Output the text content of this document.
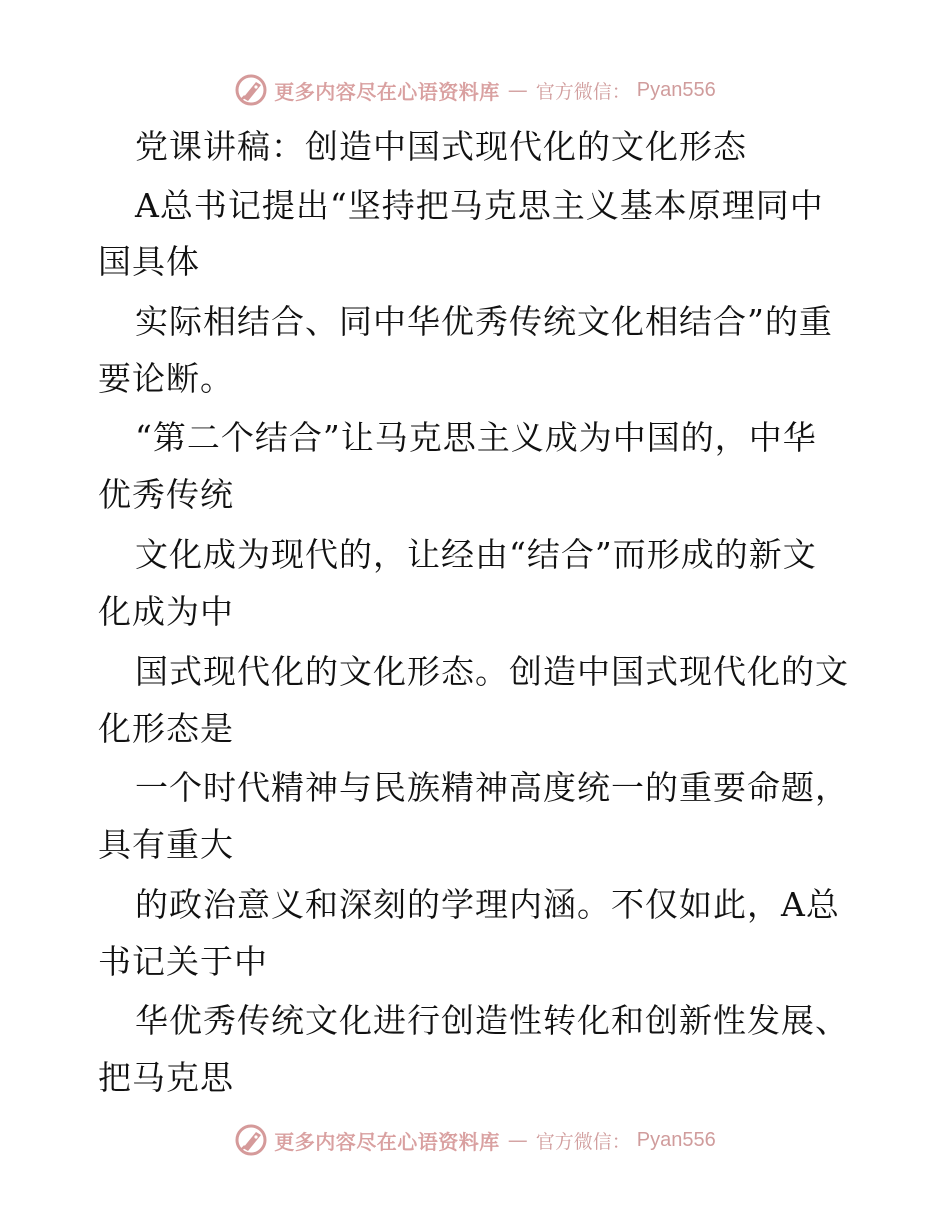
更多内容尽在心语资料库 — 官方微信： Pyan556
党课讲稿：创造中国式现代化的文化形态
A总书记提出“坚持把马克思主义基本原理同中
国具体
实际相结合、同中华优秀传统文化相结合”的重
要论断。
“第二个结合”让马克思主义成为中国的，中华
优秀传统
文化成为现代的，让经由“结合”而形成的新文
化成为中
国式现代化的文化形态。创造中国式现代化的文
化形态是
一个时代精神与民族精神高度统一的重要命题，
具有重大
的政治意义和深刻的学理内涵。不仅如此，A总
书记关于中
华优秀传统文化进行创造性转化和创新性发展、
把马克思
更多内容尽在心语资料库 — 官方微信： Pyan556
